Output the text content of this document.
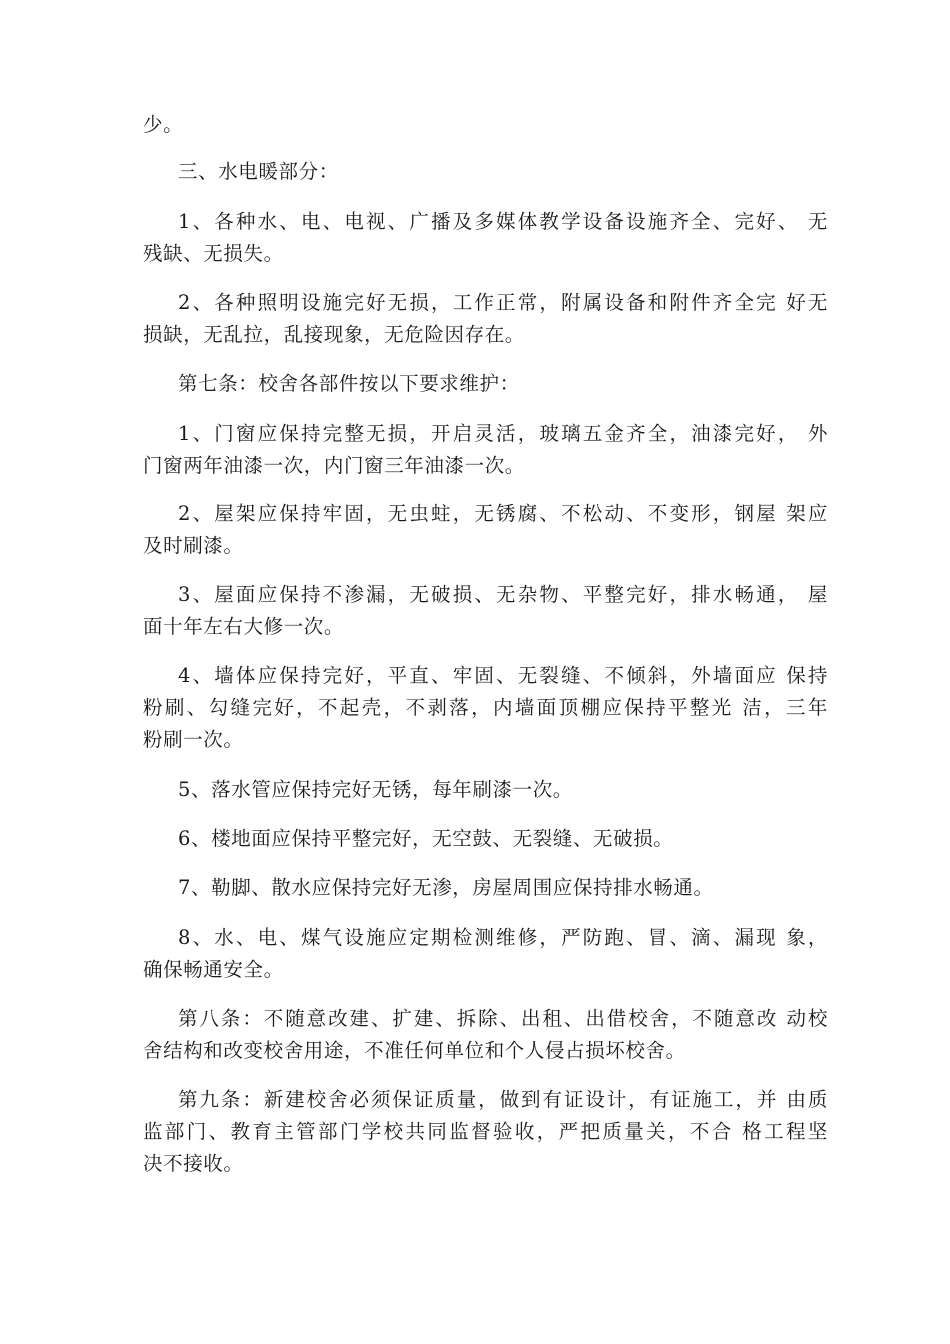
少。

三、水电暖部分：

1、各种水、电、电视、广播及多媒体教学设备设施齐全、完好、 无

残缺、无损失。

2、各种照明设施完好无损，工作正常，附属设备和附件齐全完 好无

损缺，无乱拉，乱接现象，无危险因存在。

第七条：校舍各部件按以下要求维护：

1、门窗应保持完整无损，开启灵活，玻璃五金齐全，油漆完好， 外

门窗两年油漆一次，内门窗三年油漆一次。

2、屋架应保持牢固，无虫蛀，无锈腐、不松动、不变形，钢屋 架应

及时刷漆。

3、屋面应保持不渗漏，无破损、无杂物、平整完好，排水畅通， 屋

面十年左右大修一次。

4、墙体应保持完好，平直、牢固、无裂缝、不倾斜，外墙面应 保持

粉刷、勾缝完好，不起壳，不剥落，内墙面顶棚应保持平整光 洁，三年

粉刷一次。

5、落水管应保持完好无锈，每年刷漆一次。

6、楼地面应保持平整完好，无空鼓、无裂缝、无破损。

7、勒脚、散水应保持完好无渗，房屋周围应保持排水畅通。

8、水、电、煤气设施应定期检测维修，严防跑、冒、滴、漏现 象，

确保畅通安全。

第八条：不随意改建、扩建、拆除、出租、出借校舍，不随意改 动校

舍结构和改变校舍用途，不准任何单位和个人侵占损坏校舍。

第九条：新建校舍必须保证质量，做到有证设计，有证施工，并 由质

监部门、教育主管部门学校共同监督验收，严把质量关，不合 格工程坚

决不接收。
